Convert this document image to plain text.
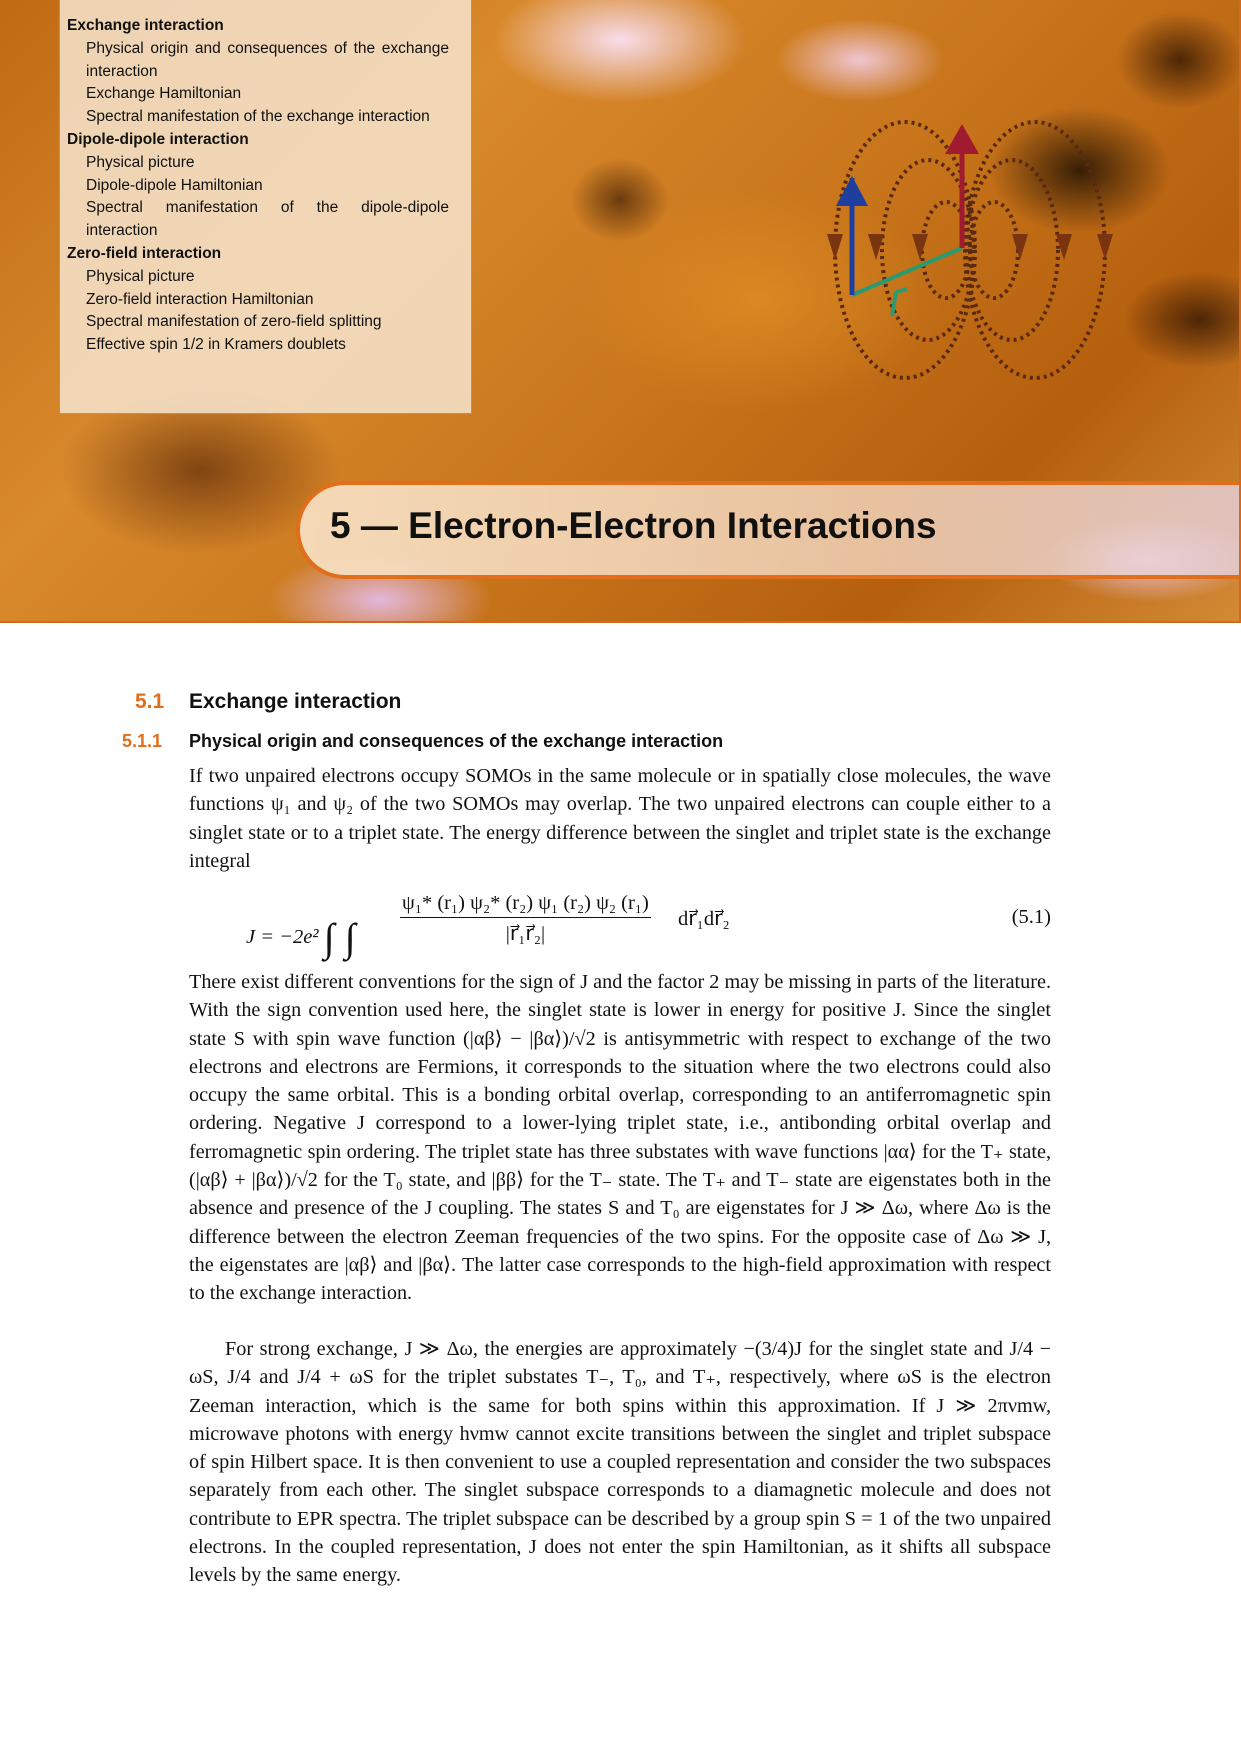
Exchange interaction
Physical origin and consequences of the exchange interaction
Exchange Hamiltonian
Spectral manifestation of the exchange interaction
Dipole-dipole interaction
Physical picture
Dipole-dipole Hamiltonian
Spectral manifestation of the dipole-dipole interaction
Zero-field interaction
Physical picture
Zero-field interaction Hamiltonian
Spectral manifestation of zero-field splitting
Effective spin 1/2 in Kramers doublets
5 — Electron-Electron Interactions
5.1 Exchange interaction
5.1.1 Physical origin and consequences of the exchange interaction

If two unpaired electrons occupy SOMOs in the same molecule or in spatially close molecules, the wave functions ψ₁ and ψ₂ of the two SOMOs may overlap. The two unpaired electrons can couple either to a singlet state or to a triplet state. The energy difference between the singlet and triplet state is the exchange integral

J = −2e² ∫ ∫ $\frac{\text{ψ₁* (r₁) ψ₂* (r₂) ψ₁ (r₂) ψ₂ (r₁)}}{\text{|r⃗₁r⃗₂|}}$ dr⃗₁dr⃗₂	(5.1)

There exist different conventions for the sign of J and the factor 2 may be missing in parts of the literature. With the sign convention used here, the singlet state is lower in energy for positive J. Since the singlet state S with spin wave function (|αβ⟩ − |βα⟩)/√2 is antisymmetric with respect to exchange of the two electrons and electrons are Fermions, it corresponds to the situation where the two electrons could also occupy the same orbital. This is a bonding orbital overlap, corresponding to an antiferromagnetic spin ordering. Negative J correspond to a lower-lying triplet state, i.e., antibonding orbital overlap and ferromagnetic spin ordering. The triplet state has three substates with wave functions |αα⟩ for the T₊ state, (|αβ⟩ + |βα⟩)/√2 for the T₀ state, and |ββ⟩ for the T₋ state. The T₊ and T₋ state are eigenstates both in the absence and presence of the J coupling. The states S and T₀ are eigenstates for J ≫ Δω, where Δω is the difference between the electron Zeeman frequencies of the two spins. For the opposite case of Δω ≫ J, the eigenstates are |αβ⟩ and |βα⟩. The latter case corresponds to the high-field approximation with respect to the exchange interaction.

For strong exchange, J ≫ Δω, the energies are approximately −(3/4)J for the singlet state and J/4 − ωS, J/4 and J/4 + ωS for the triplet substates T₋, T₀, and T₊, respectively, where ωS is the electron Zeeman interaction, which is the same for both spins within this approximation. If J ≫ 2πνmw, microwave photons with energy hνmw cannot excite transitions between the singlet and triplet subspace of spin Hilbert space. It is then convenient to use a coupled representation and consider the two subspaces separately from each other. The singlet subspace corresponds to a diamagnetic molecule and does not contribute to EPR spectra. The triplet subspace can be described by a group spin S = 1 of the two unpaired electrons. In the coupled representation, J does not enter the spin Hamiltonian, as it shifts all subspace levels by the same energy.
